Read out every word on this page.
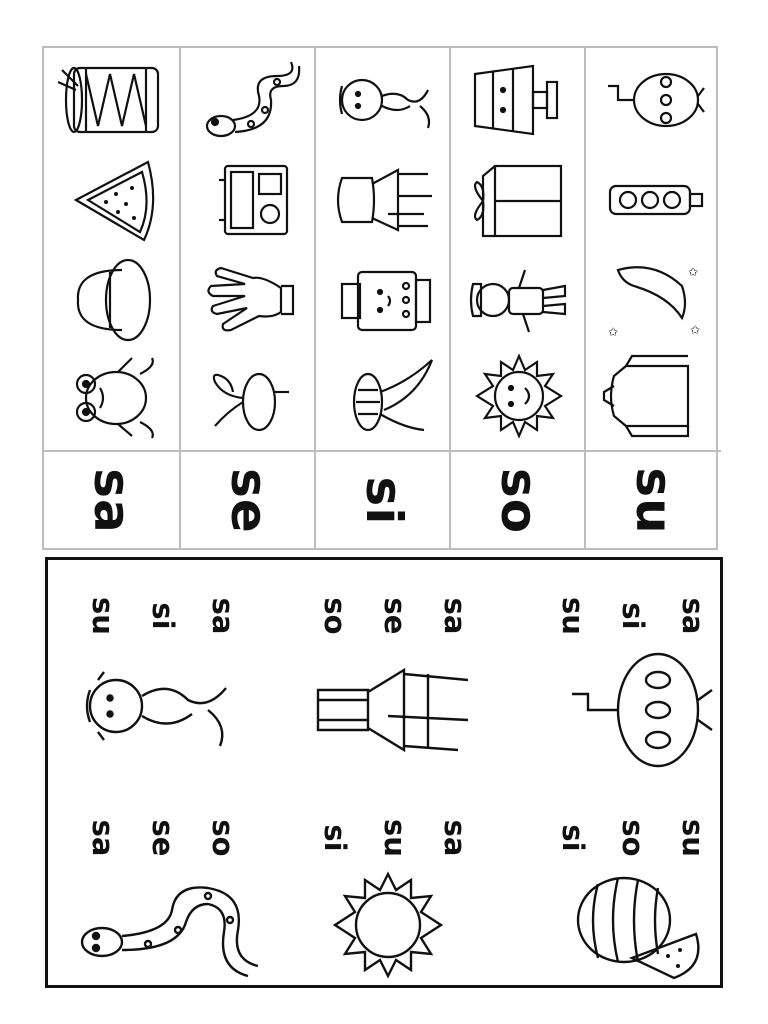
sa se si so
✩
✩
✩
su
su si sa
sa se so
so se sa
si su sa
su si sa
si so su
